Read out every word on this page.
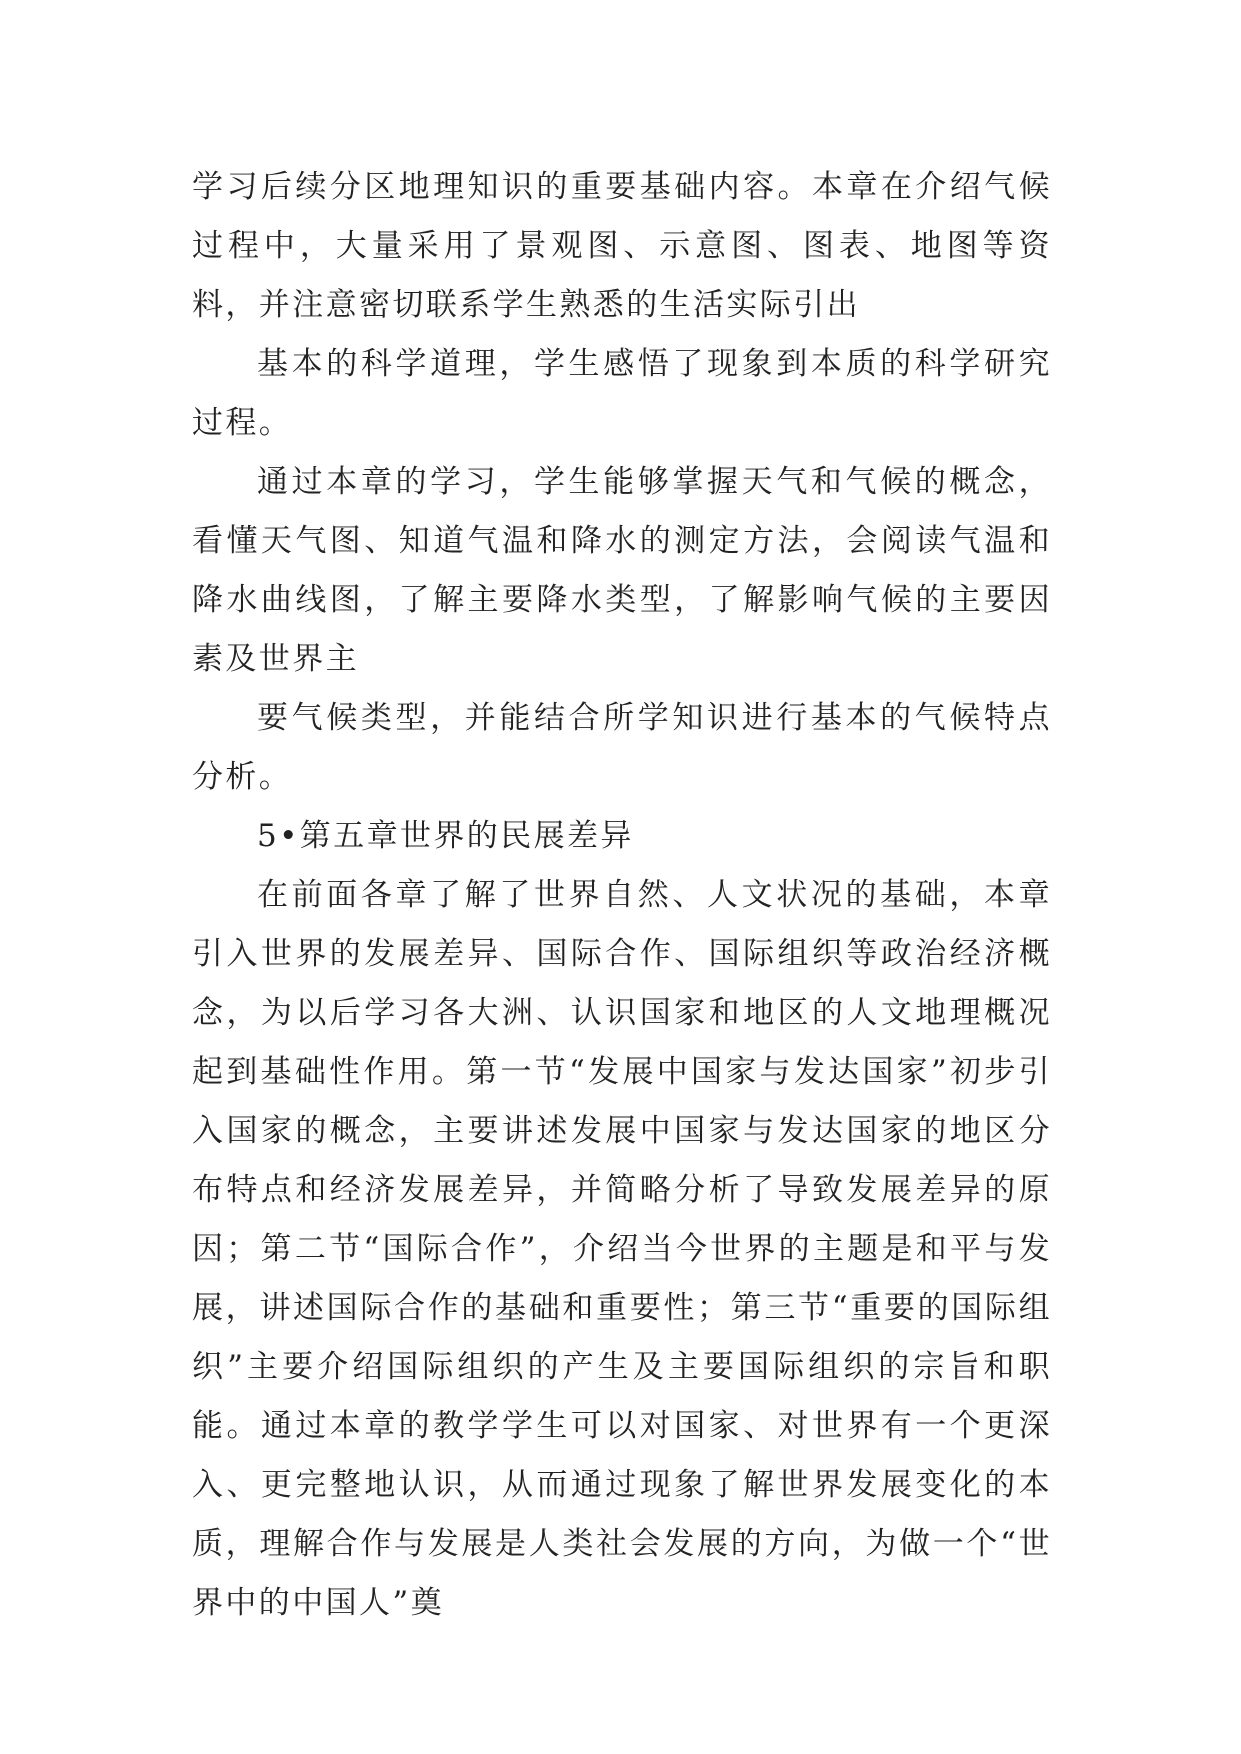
学习后续分区地理知识的重要基础内容。本章在介绍气候过程中，大量采用了景观图、示意图、图表、地图等资料，并注意密切联系学生熟悉的生活实际引出

基本的科学道理，学生感悟了现象到本质的科学研究过程。

通过本章的学习，学生能够掌握天气和气候的概念，看懂天气图、知道气温和降水的测定方法，会阅读气温和降水曲线图，了解主要降水类型，了解影响气候的主要因素及世界主

要气候类型，并能结合所学知识进行基本的气候特点分析。

5•第五章世界的民展差异

在前面各章了解了世界自然、人文状况的基础，本章引入世界的发展差异、国际合作、国际组织等政治经济概念，为以后学习各大洲、认识国家和地区的人文地理概况起到基础性作用。第一节“发展中国家与发达国家”初步引入国家的概念，主要讲述发展中国家与发达国家的地区分布特点和经济发展差异，并简略分析了导致发展差异的原因；第二节“国际合作”，介绍当今世界的主题是和平与发展，讲述国际合作的基础和重要性；第三节“重要的国际组织”主要介绍国际组织的产生及主要国际组织的宗旨和职能。通过本章的教学学生可以对国家、对世界有一个更深入、更完整地认识，从而通过现象了解世界发展变化的本质，理解合作与发展是人类社会发展的方向，为做一个“世界中的中国人”奠
